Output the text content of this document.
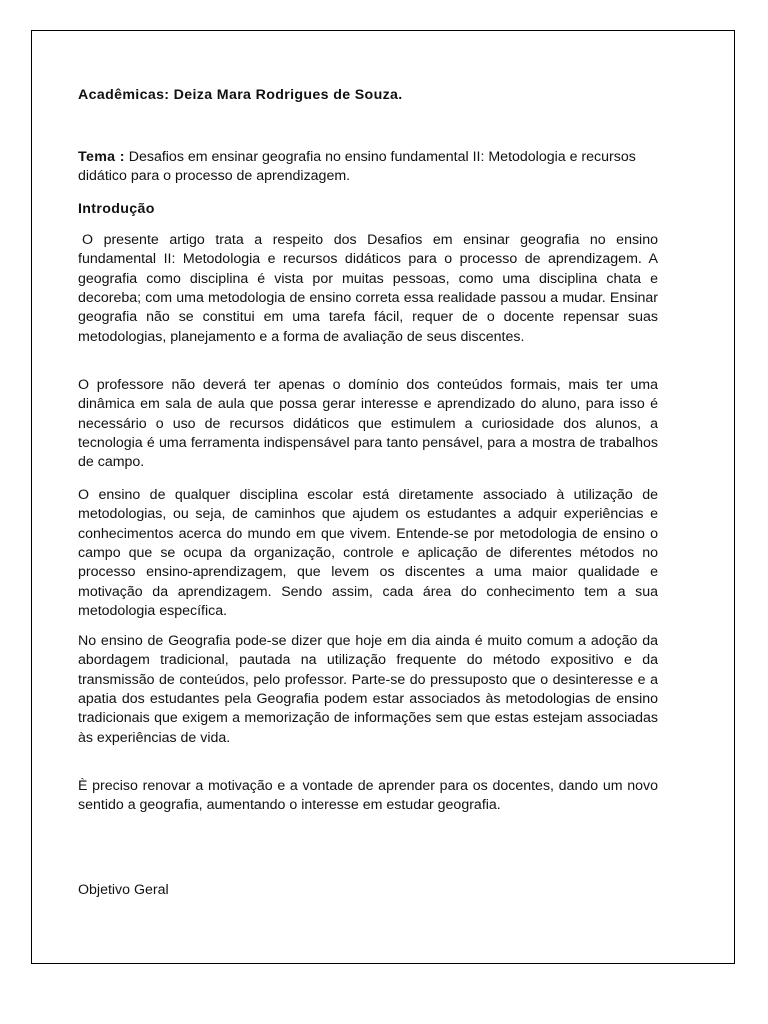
Acadêmicas: Deiza Mara Rodrigues de Souza.
Tema : Desafios em ensinar geografia no ensino fundamental II: Metodologia e recursos didático para o processo de aprendizagem.
Introdução

O presente artigo trata a respeito dos Desafios em ensinar geografia no ensino fundamental II: Metodologia e recursos didáticos para o processo de aprendizagem. A geografia como disciplina é vista por muitas pessoas, como uma disciplina chata e decoreba; com uma metodologia de ensino correta essa realidade passou a mudar. Ensinar geografia não se constitui em uma tarefa fácil, requer de o docente repensar suas metodologias, planejamento e a forma de avaliação de seus discentes.

O professore não deverá ter apenas o domínio dos conteúdos formais, mais ter uma dinâmica em sala de aula que possa gerar interesse e aprendizado do aluno, para isso é necessário o uso de recursos didáticos que estimulem a curiosidade dos alunos, a tecnologia é uma ferramenta indispensável para tanto pensável, para a mostra de trabalhos de campo.

O ensino de qualquer disciplina escolar está diretamente associado à utilização de metodologias, ou seja, de caminhos que ajudem os estudantes a adquir experiências e conhecimentos acerca do mundo em que vivem. Entende-se por metodologia de ensino o campo que se ocupa da organização, controle e aplicação de diferentes métodos no processo ensino-aprendizagem, que levem os discentes a uma maior qualidade e motivação da aprendizagem. Sendo assim, cada área do conhecimento tem a sua metodologia específica.

No ensino de Geografia pode-se dizer que hoje em dia ainda é muito comum a adoção da abordagem tradicional, pautada na utilização frequente do método expositivo e da transmissão de conteúdos, pelo professor. Parte-se do pressuposto que o desinteresse e a apatia dos estudantes pela Geografia podem estar associados às metodologias de ensino tradicionais que exigem a memorização de informações sem que estas estejam associadas às experiências de vida.

È preciso renovar a motivação e a vontade de aprender para os docentes, dando um novo sentido a geografia, aumentando o interesse em estudar geografia.

Objetivo Geral
